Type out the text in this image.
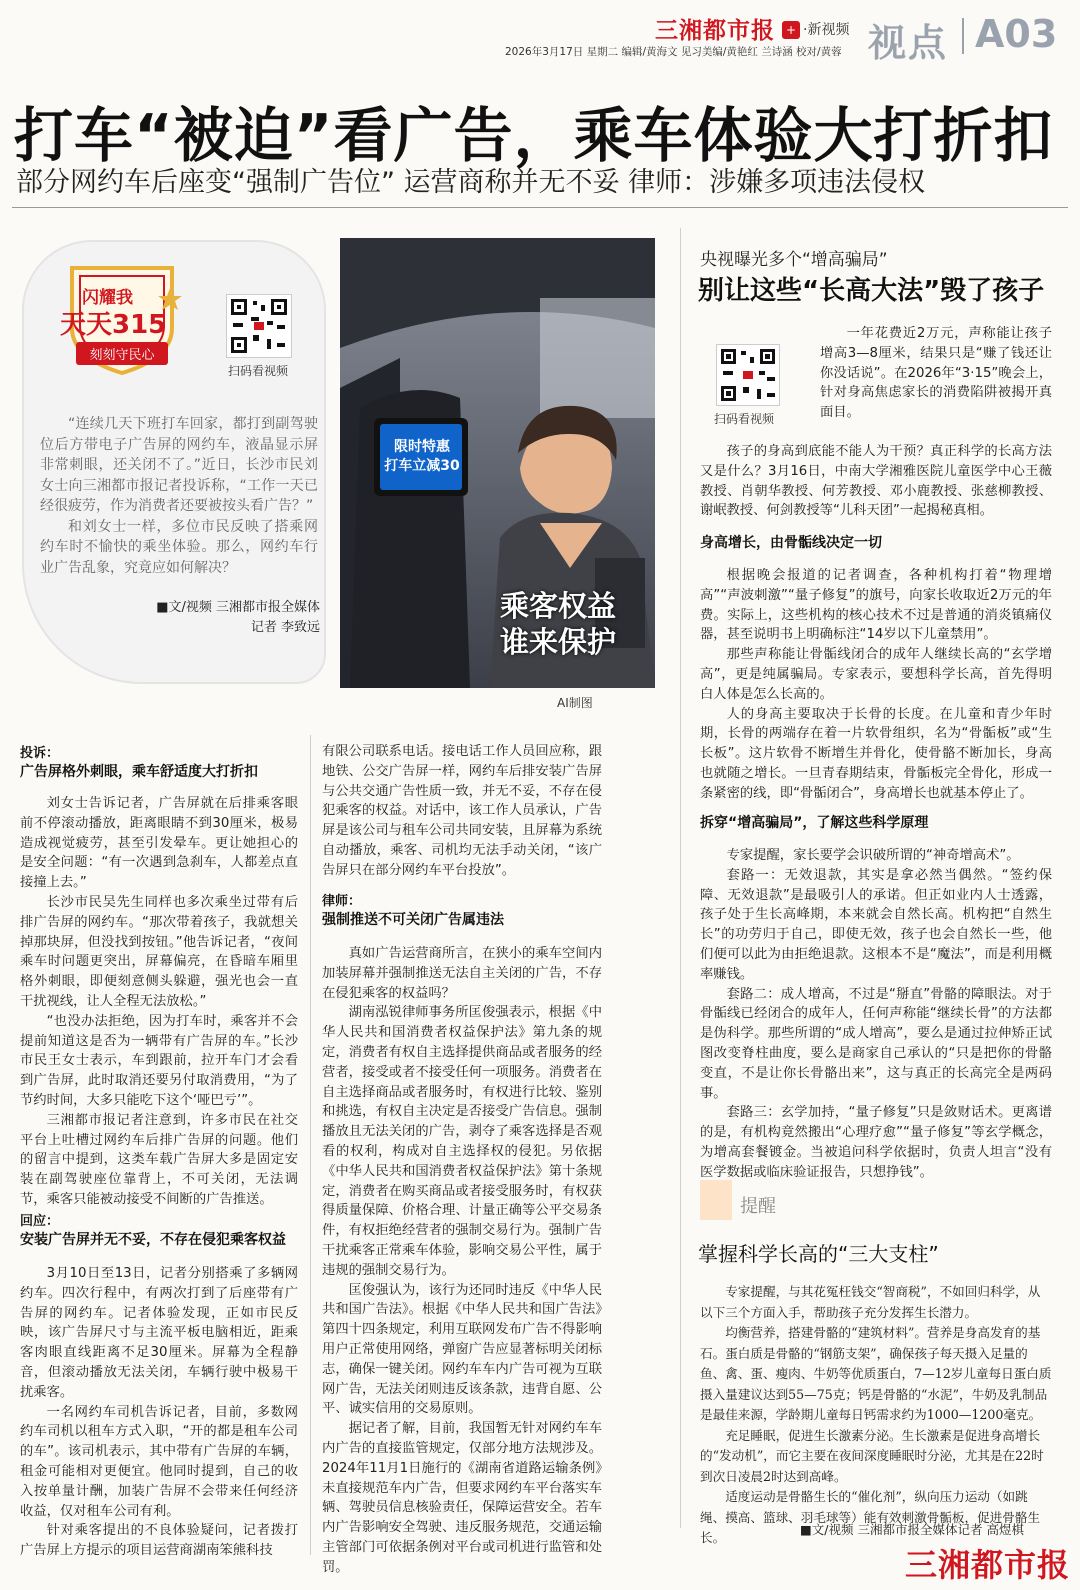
三湘都市报 + ·新视频 视点 A03
2026年3月17日 星期二 编辑/黄海文 见习美编/黄艳红 兰诗涵 校对/黄蓉
打车“被迫”看广告，乘车体验大打折扣
部分网约车后座变“强制广告位” 运营商称并无不妥 律师：涉嫌多项违法侵权
闪耀我
天天315
刻刻守民心
扫码看视频

“连续几天下班打车回家，都打到副驾驶位后方带电子广告屏的网约车，液晶显示屏非常刺眼，还关闭不了。”近日，长沙市民刘女士向三湘都市报记者投诉称，“工作一天已经很疲劳，作为消费者还要被按头看广告？”

和刘女士一样，多位市民反映了搭乘网约车时不愉快的乘坐体验。那么，网约车行业广告乱象，究竟应如何解决？

■文/视频 三湘都市报全媒体
记者 李致远
限时特惠
打车立减30
乘客权益
谁来保护
AI制图
央视曝光多个“增高骗局”
别让这些“长高大法”毁了孩子
扫码看视频

一年花费近2万元，声称能让孩子增高3—8厘米，结果只是“赚了钱还让你没话说”。在2026年“3·15”晚会上，针对身高焦虑家长的消费陷阱被揭开真面目。

孩子的身高到底能不能人为干预？真正科学的长高方法又是什么？3月16日，中南大学湘雅医院儿童医学中心王薇教授、肖朝华教授、何芳教授、邓小鹿教授、张慈柳教授、谢岷教授、何剑教授等“儿科天团”一起揭秘真相。

身高增长，由骨骺线决定一切

根据晚会报道的记者调查，各种机构打着“物理增高”“声波刺激”“量子修复”的旗号，向家长收取近2万元的年费。实际上，这些机构的核心技术不过是普通的消炎镇痛仪器，甚至说明书上明确标注“14岁以下儿童禁用”。

那些声称能让骨骺线闭合的成年人继续长高的“玄学增高”，更是纯属骗局。专家表示，要想科学长高，首先得明白人体是怎么长高的。

人的身高主要取决于长骨的长度。在儿童和青少年时期，长骨的两端存在着一片软骨组织，名为“骨骺板”或“生长板”。这片软骨不断增生并骨化，使骨骼不断加长，身高也就随之增长。一旦青春期结束，骨骺板完全骨化，形成一条紧密的线，即“骨骺闭合”，身高增长也就基本停止了。

拆穿“增高骗局”，了解这些科学原理

专家提醒，家长要学会识破所谓的“神奇增高术”。

套路一：无效退款，其实是拿必然当偶然。“签约保障、无效退款”是最吸引人的承诺。但正如业内人士透露，孩子处于生长高峰期，本来就会自然长高。机构把“自然生长”的功劳归于自己，即使无效，孩子也会自然长一些，他们便可以此为由拒绝退款。这根本不是“魔法”，而是利用概率赚钱。

套路二：成人增高，不过是“掰直”骨骼的障眼法。对于骨骺线已经闭合的成年人，任何声称能“继续长骨”的方法都是伪科学。那些所谓的“成人增高”，要么是通过拉伸矫正试图改变脊柱曲度，要么是商家自己承认的“只是把你的骨骼变直，不是让你长骨骼出来”，这与真正的长高完全是两码事。

套路三：玄学加持，“量子修复”只是敛财话术。更离谱的是，有机构竟然搬出“心理疗愈”“量子修复”等玄学概念，为增高套餐镀金。当被追问科学依据时，负责人坦言“没有医学数据或临床验证报告，只想挣钱”。

提醒
掌握科学长高的“三大支柱”

专家提醒，与其花冤枉钱交“智商税”，不如回归科学，从以下三个方面入手，帮助孩子充分发挥生长潜力。

均衡营养，搭建骨骼的“建筑材料”。营养是身高发育的基石。蛋白质是骨骼的“钢筋支架”，确保孩子每天摄入足量的鱼、禽、蛋、瘦肉、牛奶等优质蛋白，7—12岁儿童每日蛋白质摄入量建议达到55—75克；钙是骨骼的“水泥”，牛奶及乳制品是最佳来源，学龄期儿童每日钙需求约为1000—1200毫克。

充足睡眠，促进生长激素分泌。生长激素是促进身高增长的“发动机”，而它主要在夜间深度睡眠时分泌，尤其是在22时到次日凌晨2时达到高峰。

适度运动是骨骼生长的“催化剂”，纵向压力运动（如跳绳、摸高、篮球、羽毛球等）能有效刺激骨骺板，促进骨骼生长。

■文/视频 三湘都市报全媒体记者 高煜棋
投诉：
广告屏格外刺眼，乘车舒适度大打折扣

刘女士告诉记者，广告屏就在后排乘客眼前不停滚动播放，距离眼睛不到30厘米，极易造成视觉疲劳，甚至引发晕车。更让她担心的是安全问题：“有一次遇到急刹车，人都差点直接撞上去。”

长沙市民吴先生同样也多次乘坐过带有后排广告屏的网约车。“那次带着孩子，我就想关掉那块屏，但没找到按钮。”他告诉记者，“夜间乘车时问题更突出，屏幕偏亮，在昏暗车厢里格外刺眼，即便刻意侧头躲避，强光也会一直干扰视线，让人全程无法放松。”

“也没办法拒绝，因为打车时，乘客并不会提前知道这是否为一辆带有广告屏的车。”长沙市民王女士表示，车到跟前，拉开车门才会看到广告屏，此时取消还要另付取消费用，“为了节约时间，大多只能吃下这个‘哑巴亏’”。

三湘都市报记者注意到，许多市民在社交平台上吐槽过网约车后排广告屏的问题。他们的留言中提到，这类车载广告屏大多是固定安装在副驾驶座位靠背上，不可关闭，无法调节，乘客只能被动接受不间断的广告推送。

回应：
安装广告屏并无不妥，不存在侵犯乘客权益

3月10日至13日，记者分别搭乘了多辆网约车。四次行程中，有两次打到了后座带有广告屏的网约车。记者体验发现，正如市民反映，该广告屏尺寸与主流平板电脑相近，距乘客肉眼直线距离不足30厘米。屏幕为全程静音，但滚动播放无法关闭，车辆行驶中极易干扰乘客。

一名网约车司机告诉记者，目前，多数网约车司机以租车方式入职，“开的都是租车公司的车”。该司机表示，其中带有广告屏的车辆，租金可能相对更便宜。他同时提到，自己的收入按单量计酬，加装广告屏不会带来任何经济收益，仅对租车公司有利。

针对乘客提出的不良体验疑问，记者拨打广告屏上方提示的项目运营商湖南笨熊科技

有限公司联系电话。接电话工作人员回应称，跟地铁、公交广告屏一样，网约车后排安装广告屏与公共交通广告性质一致，并无不妥，不存在侵犯乘客的权益。对话中，该工作人员承认，广告屏是该公司与租车公司共同安装，且屏幕为系统自动播放，乘客、司机均无法手动关闭，“该广告屏只在部分网约车平台投放”。

律师：
强制推送不可关闭广告属违法

真如广告运营商所言，在狭小的乘车空间内加装屏幕并强制推送无法自主关闭的广告，不存在侵犯乘客的权益吗？

湖南泓锐律师事务所匡俊强表示，根据《中华人民共和国消费者权益保护法》第九条的规定，消费者有权自主选择提供商品或者服务的经营者，接受或者不接受任何一项服务。消费者在自主选择商品或者服务时，有权进行比较、鉴别和挑选，有权自主决定是否接受广告信息。强制播放且无法关闭的广告，剥夺了乘客选择是否观看的权利，构成对自主选择权的侵犯。另依据《中华人民共和国消费者权益保护法》第十条规定，消费者在购买商品或者接受服务时，有权获得质量保障、价格合理、计量正确等公平交易条件，有权拒绝经营者的强制交易行为。强制广告干扰乘客正常乘车体验，影响交易公平性，属于违规的强制交易行为。

匡俊强认为，该行为还同时违反《中华人民共和国广告法》。根据《中华人民共和国广告法》第四十四条规定，利用互联网发布广告不得影响用户正常使用网络，弹窗广告应显著标明关闭标志，确保一键关闭。网约车车内广告可视为互联网广告，无法关闭则违反该条款，违背自愿、公平、诚实信用的交易原则。

据记者了解，目前，我国暂无针对网约车车内广告的直接监管规定，仅部分地方法规涉及。2024年11月1日施行的《湖南省道路运输条例》未直接规范车内广告，但要求网约车平台落实车辆、驾驶员信息核验责任，保障运营安全。若车内广告影响安全驾驶、违反服务规范，交通运输主管部门可依据条例对平台或司机进行监管和处罚。	三湘都市报
